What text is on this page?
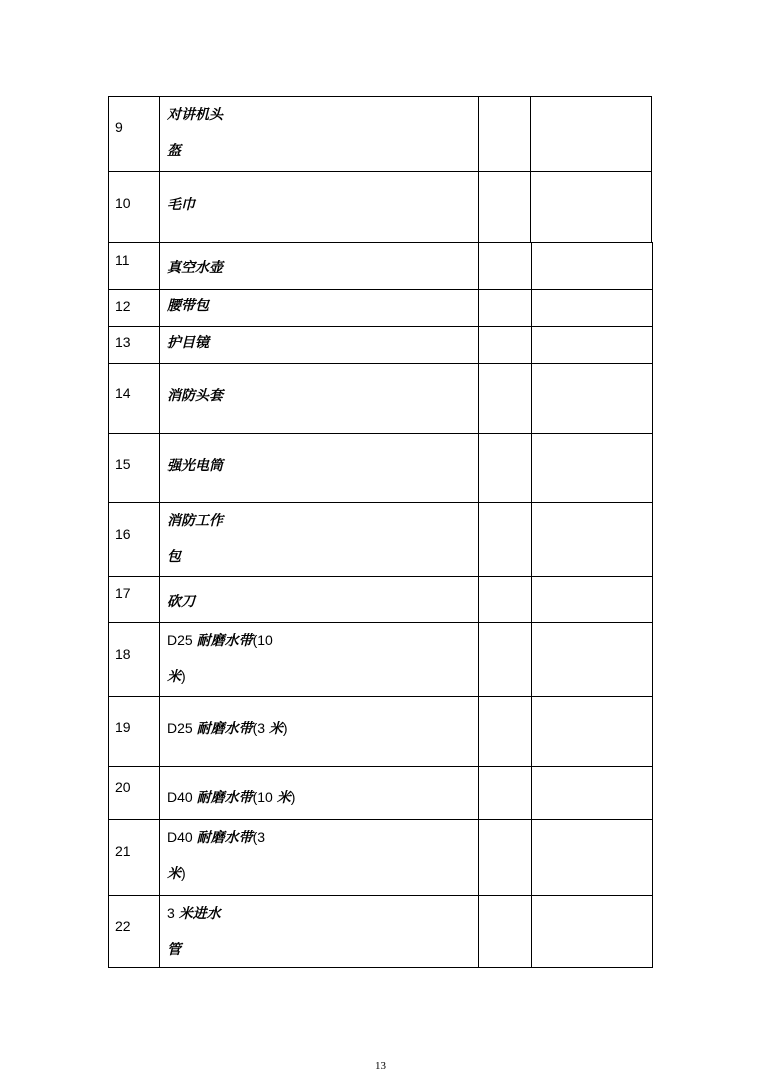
9	对讲机头
盔		

10	毛巾		

11	真空水壶		

12	腰带包		

13	护目镜		

14	消防头套		

15	强光电筒		

16	消防工作
包		

17	砍刀		

18	D25 耐磨水带(10
米)		

19	D25 耐磨水带(3 米)		

20	D40 耐磨水带(10 米)		

21	D40 耐磨水带(3
米)		

22	3 米进水
管		

13
